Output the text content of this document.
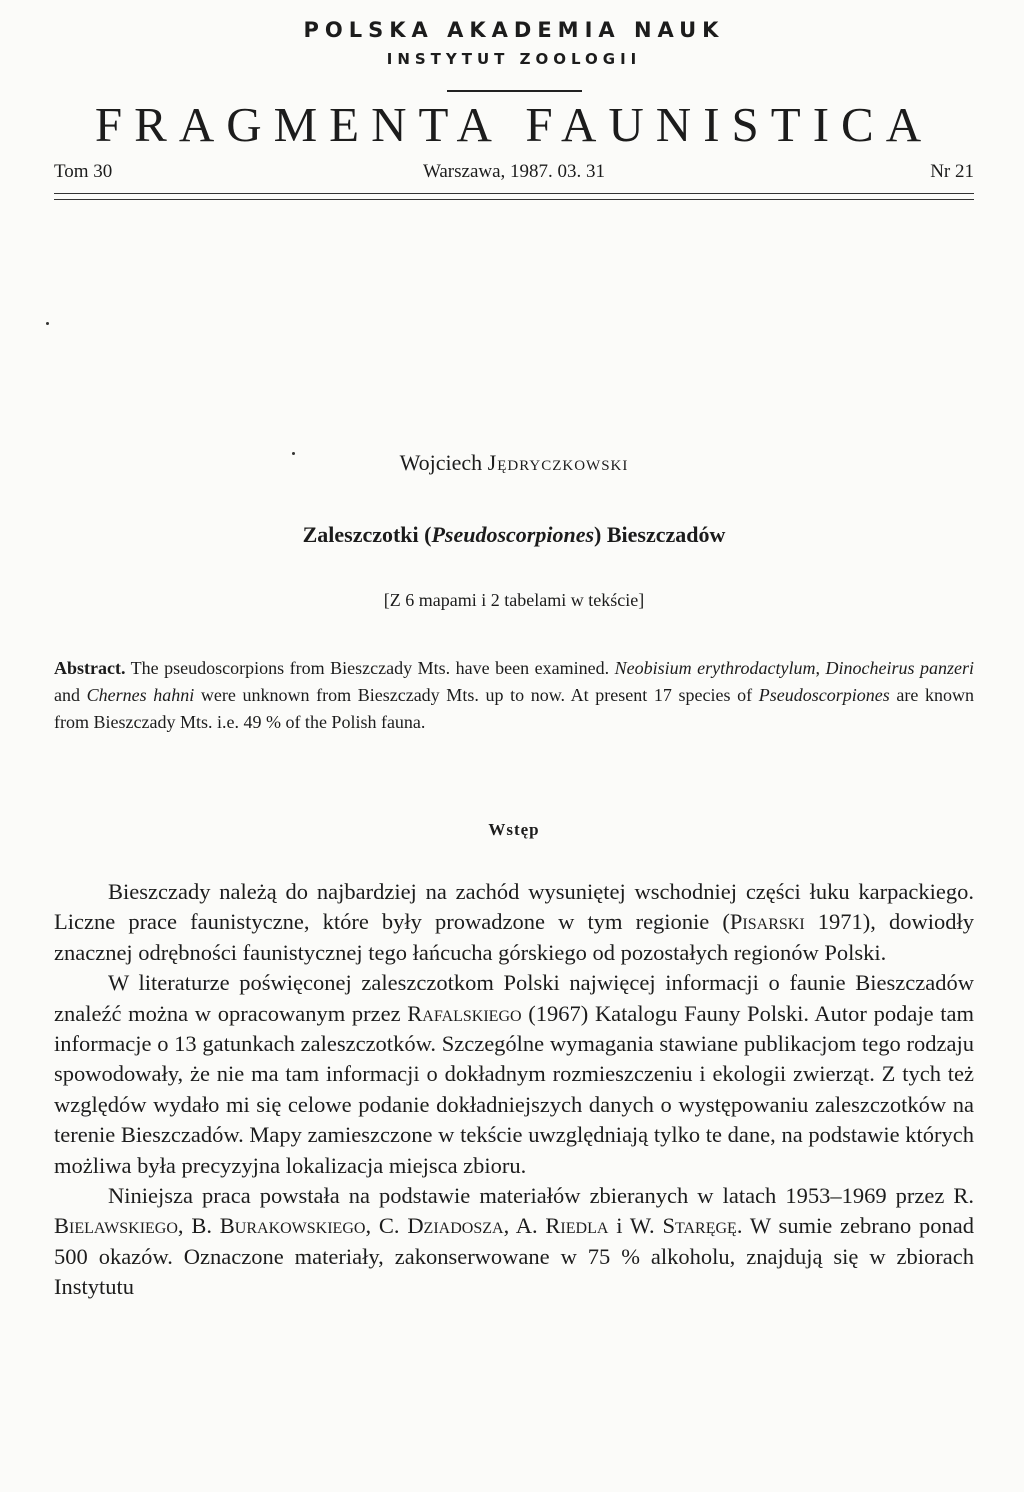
POLSKA AKADEMIA NAUK
INSTYTUT ZOOLOGII
FRAGMENTA FAUNISTICA
Tom 30	Warszawa, 1987. 03. 31	Nr 21
Wojciech Jędryczkowski
Zaleszczotki (Pseudoscorpiones) Bieszczadów
[Z 6 mapami i 2 tabelami w tekście]
Abstract. The pseudoscorpions from Bieszczady Mts. have been examined. Neobisium erythrodactylum, Dinocheirus panzeri and Chernes hahni were unknown from Bieszczady Mts. up to now. At present 17 species of Pseudoscorpiones are known from Bieszczady Mts. i.e. 49 % of the Polish fauna.
Wstęp

Bieszczady należą do najbardziej na zachód wysuniętej wschodniej części łuku karpackiego. Liczne prace faunistyczne, które były prowadzone w tym regionie (Pisarski 1971), dowiodły znacznej odrębności faunistycznej tego łańcucha górskiego od pozostałych regionów Polski.

W literaturze poświęconej zaleszczotkom Polski najwięcej informacji o faunie Bieszczadów znaleźć można w opracowanym przez Rafalskiego (1967) Katalogu Fauny Polski. Autor podaje tam informacje o 13 gatunkach zaleszczotków. Szczególne wymagania stawiane publikacjom tego rodzaju spowodowały, że nie ma tam informacji o dokładnym rozmieszczeniu i ekologii zwierząt. Z tych też względów wydało mi się celowe podanie dokładniejszych danych o występowaniu zaleszczotków na terenie Bieszczadów. Mapy zamieszczone w tekście uwzględniają tylko te dane, na podstawie których możliwa była precyzyjna lokalizacja miejsca zbioru.

Niniejsza praca powstała na podstawie materiałów zbieranych w latach 1953–1969 przez R. Bielawskiego, B. Burakowskiego, C. Dziadosza, A. Riedla i W. Staręgę. W sumie zebrano ponad 500 okazów. Oznaczone materiały, zakonserwowane w 75 % alkoholu, znajdują się w zbiorach Instytutu
